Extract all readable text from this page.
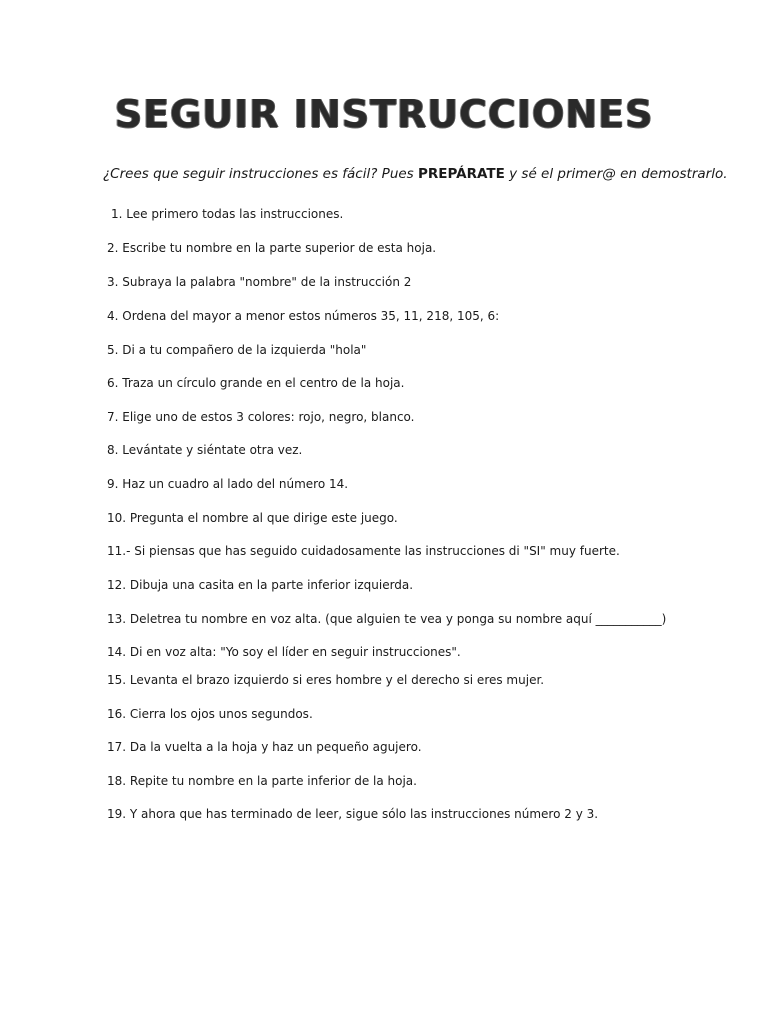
SEGUIR INSTRUCCIONES
¿Crees que seguir instrucciones es fácil? Pues PREPÁRATE y sé el primer@ en demostrarlo.
1. Lee primero todas las instrucciones.
2. Escribe tu nombre en la parte superior de esta hoja.
3. Subraya la palabra "nombre" de la instrucción 2
4. Ordena del mayor a menor estos números 35, 11, 218, 105, 6:
5. Di a tu compañero de la izquierda "hola"
6. Traza un círculo grande en el centro de la hoja.
7. Elige uno de estos 3 colores: rojo, negro, blanco.
8. Levántate y siéntate otra vez.
9. Haz un cuadro al lado del número 14.
10. Pregunta el nombre al que dirige este juego.
11.- Si piensas que has seguido cuidadosamente las instrucciones di "SI" muy fuerte.
12. Dibuja una casita en la parte inferior izquierda.
13. Deletrea tu nombre en voz alta. (que alguien te vea y ponga su nombre aquí ___________)
14. Di en voz alta: "Yo soy el líder en seguir instrucciones".
15. Levanta el brazo izquierdo si eres hombre y el derecho si eres mujer.
16. Cierra los ojos unos segundos.
17. Da la vuelta a la hoja y haz un pequeño agujero.
18. Repite tu nombre en la parte inferior de la hoja.
19. Y ahora que has terminado de leer, sigue sólo las instrucciones número 2 y 3.
